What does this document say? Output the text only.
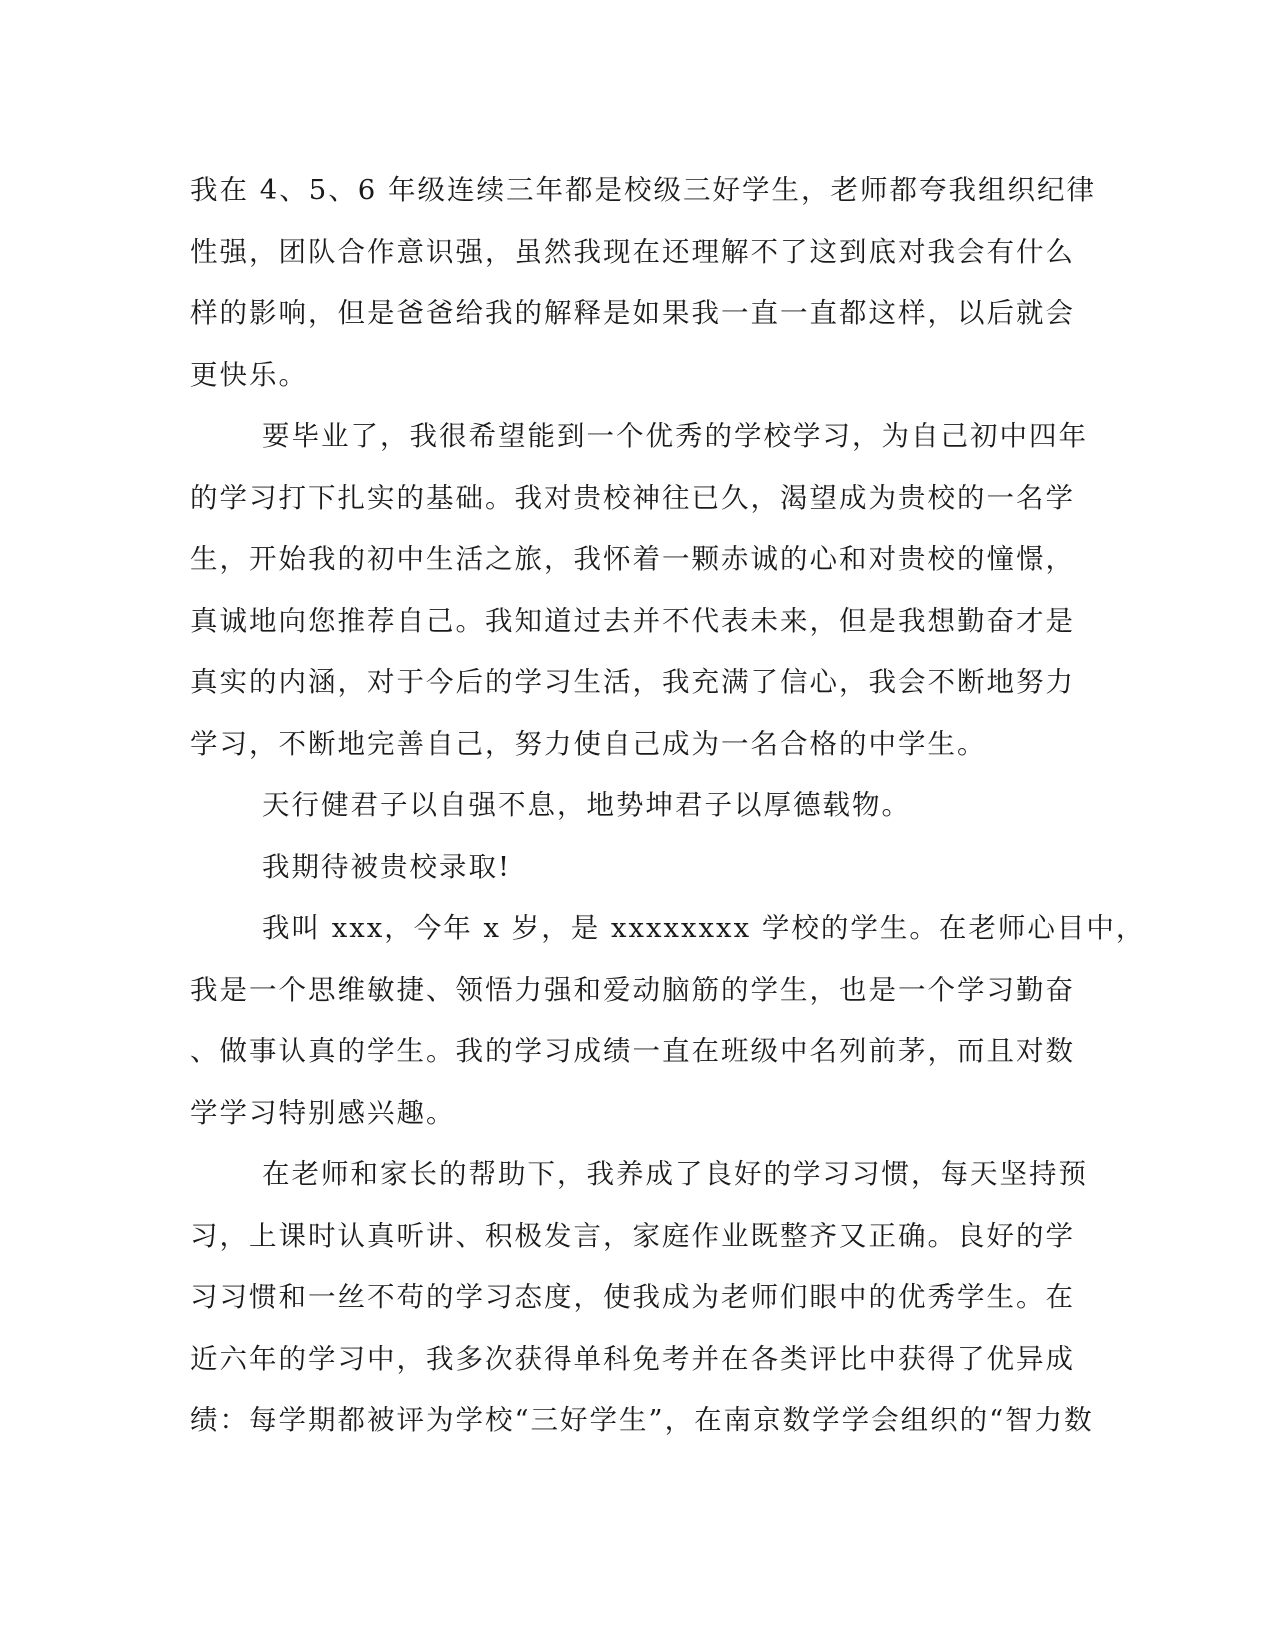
我在 4、5、6 年级连续三年都是校级三好学生，老师都夸我组织纪律
性强，团队合作意识强，虽然我现在还理解不了这到底对我会有什么
样的影响，但是爸爸给我的解释是如果我一直一直都这样，以后就会
更快乐。
要毕业了，我很希望能到一个优秀的学校学习，为自己初中四年
的学习打下扎实的基础。我对贵校神往已久，渴望成为贵校的一名学
生，开始我的初中生活之旅，我怀着一颗赤诚的心和对贵校的憧憬，
真诚地向您推荐自己。我知道过去并不代表未来，但是我想勤奋才是
真实的内涵，对于今后的学习生活，我充满了信心，我会不断地努力
学习，不断地完善自己，努力使自己成为一名合格的中学生。
天行健君子以自强不息，地势坤君子以厚德载物。
我期待被贵校录取!
我叫 xxx，今年 x 岁，是 xxxxxxxx 学校的学生。在老师心目中，
我是一个思维敏捷、领悟力强和爱动脑筋的学生，也是一个学习勤奋
、做事认真的学生。我的学习成绩一直在班级中名列前茅，而且对数
学学习特别感兴趣。
在老师和家长的帮助下，我养成了良好的学习习惯，每天坚持预
习，上课时认真听讲、积极发言，家庭作业既整齐又正确。良好的学
习习惯和一丝不苟的学习态度，使我成为老师们眼中的优秀学生。在
近六年的学习中，我多次获得单科免考并在各类评比中获得了优异成
绩：每学期都被评为学校“三好学生”，在南京数学学会组织的“智力数
